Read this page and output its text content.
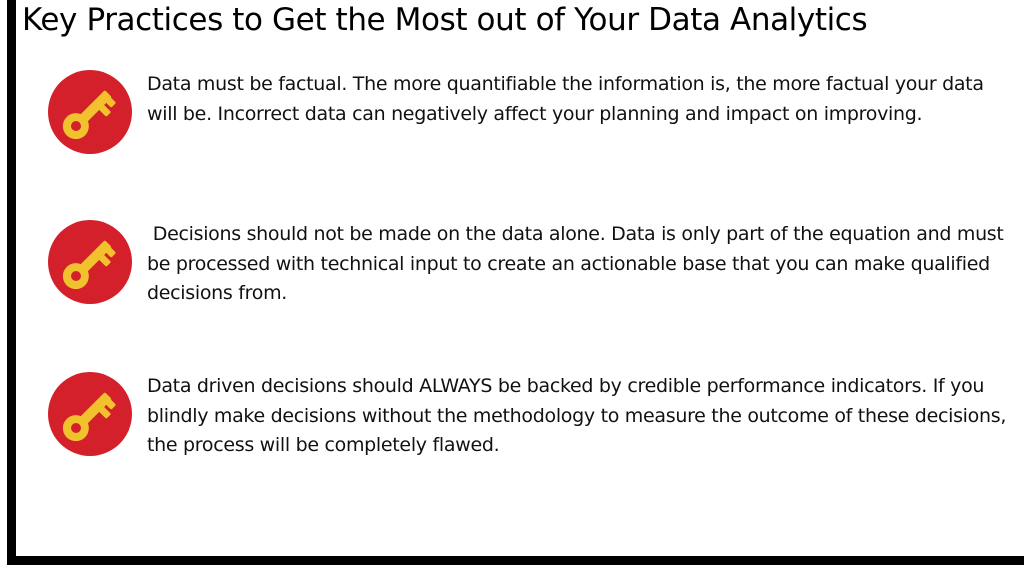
Key Practices to Get the Most out of Your Data Analytics

Data must be factual. The more quantifiable the information is, the more factual your data will be. Incorrect data can negatively affect your planning and impact on improving.

Decisions should not be made on the data alone. Data is only part of the equation and must be processed with technical input to create an actionable base that you can make qualified decisions from.

Data driven decisions should ALWAYS be backed by credible performance indicators. If you blindly make decisions without the methodology to measure the outcome of these decisions, the process will be completely flawed.
